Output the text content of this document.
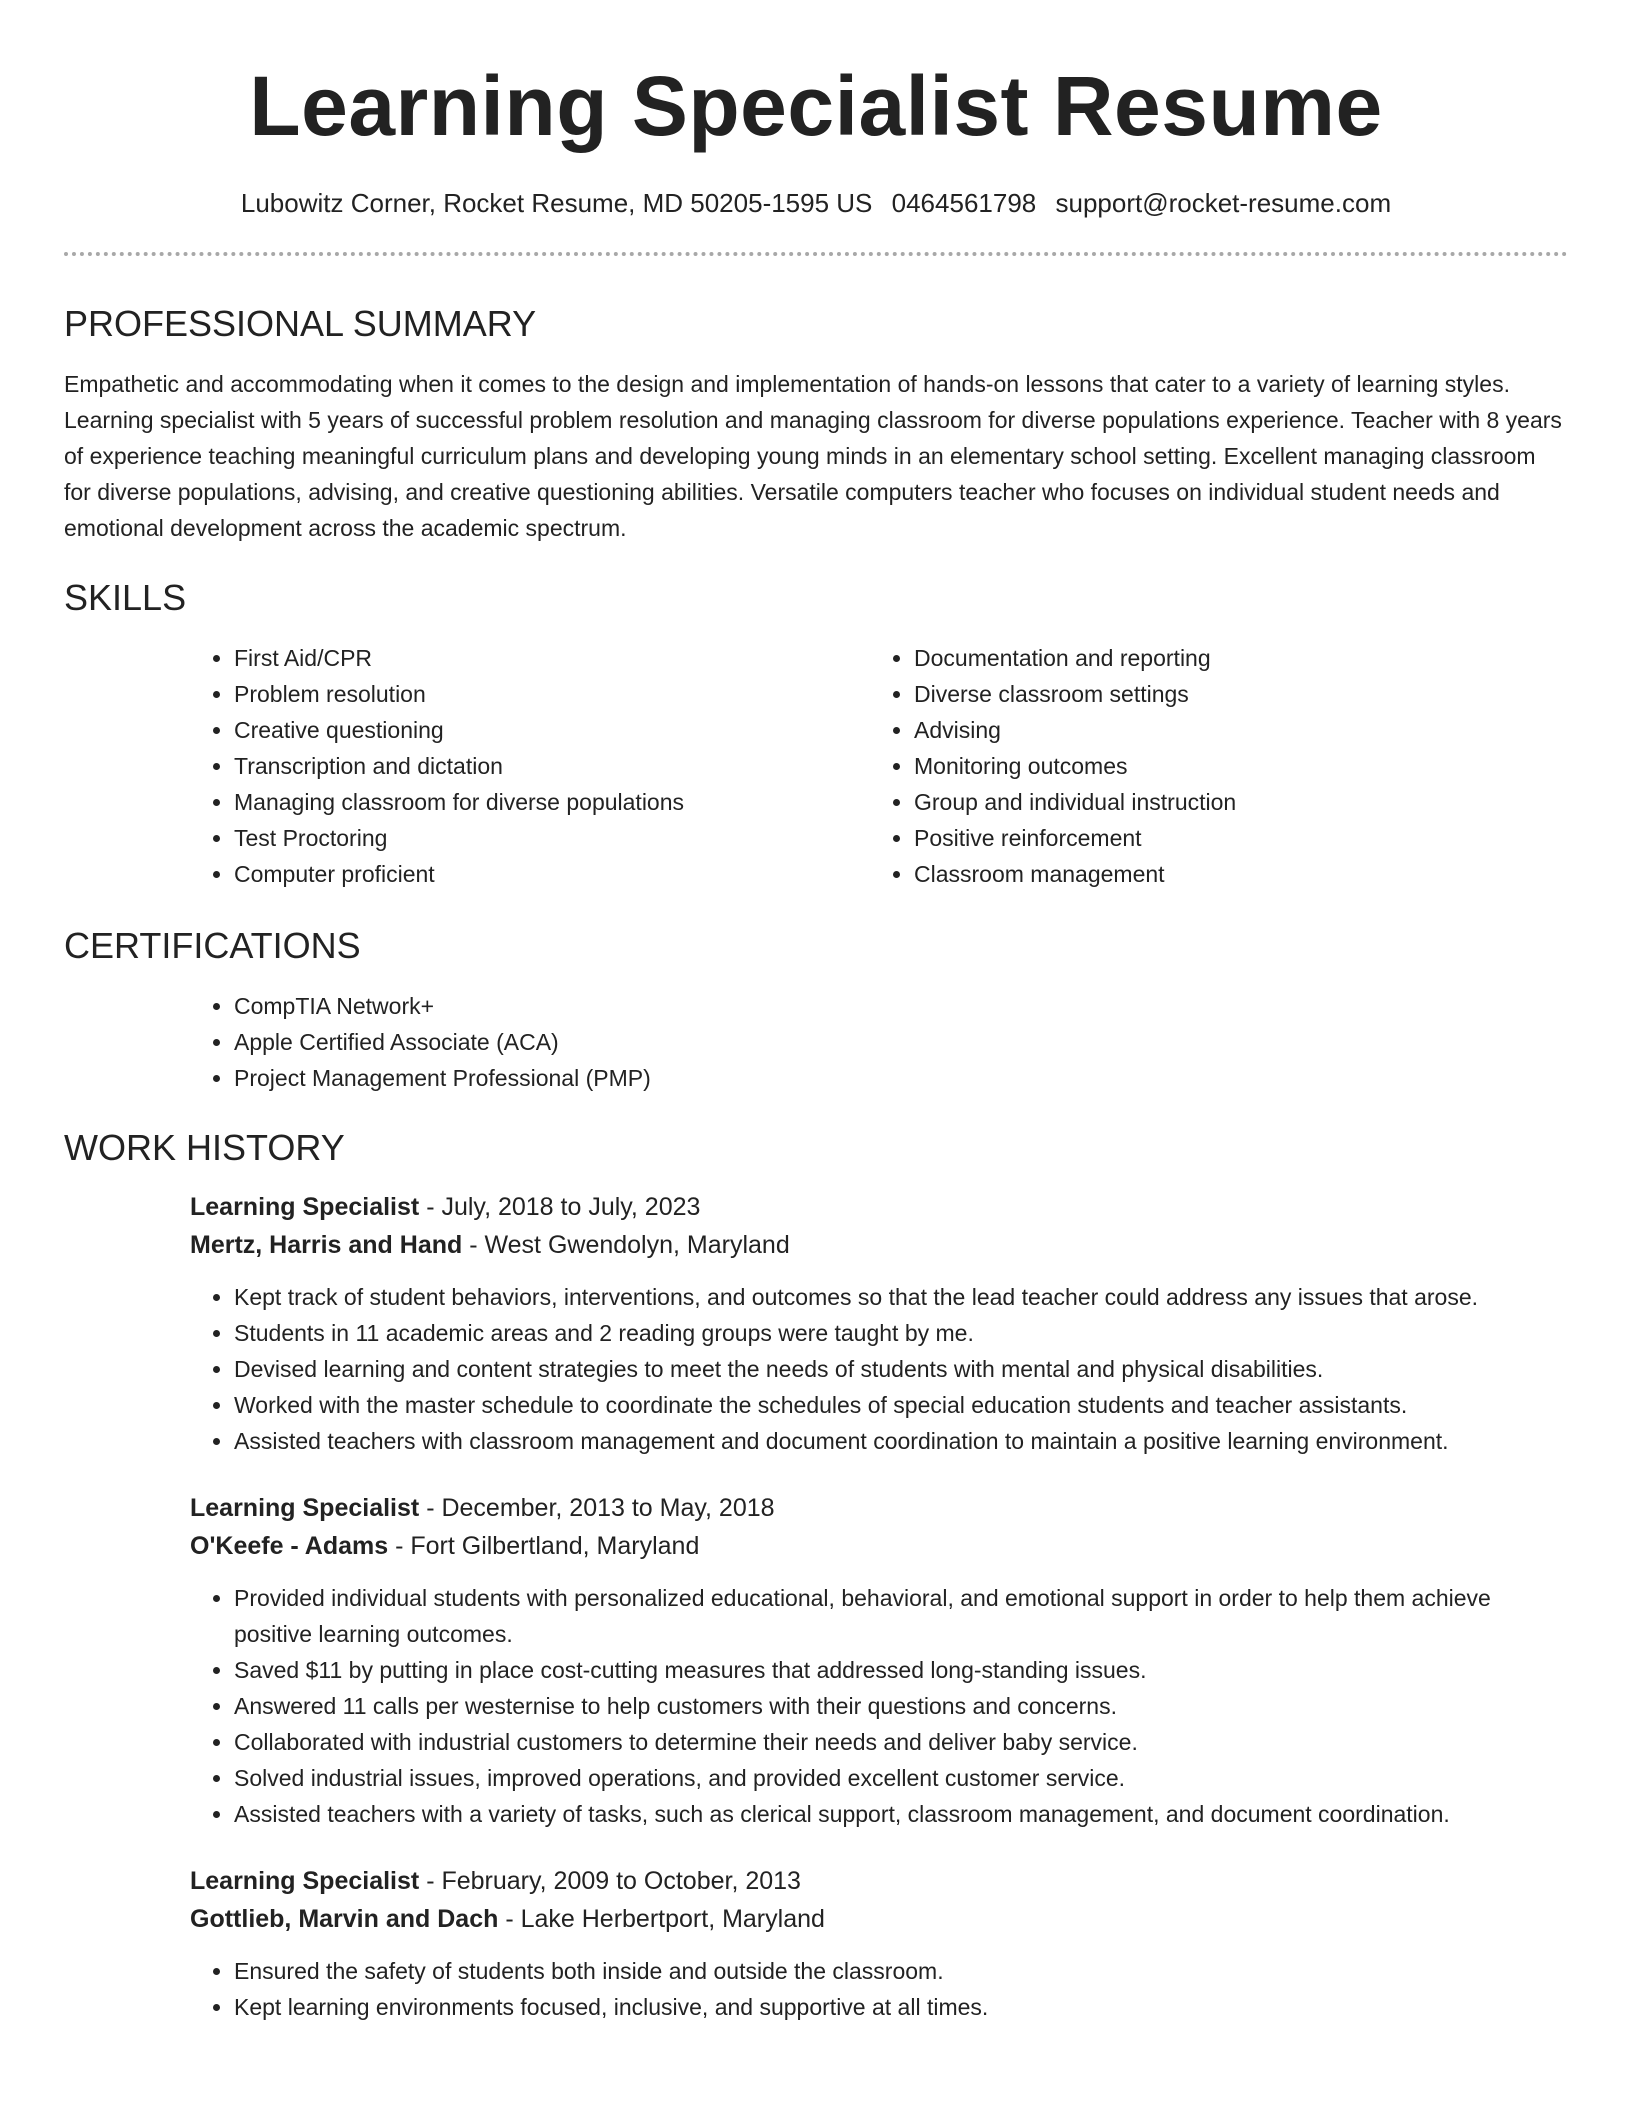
Learning Specialist Resume
Lubowitz Corner, Rocket Resume, MD 50205-1595 US 0464561798 support@rocket-resume.com
PROFESSIONAL SUMMARY

Empathetic and accommodating when it comes to the design and implementation of hands-on lessons that cater to a variety of learning styles. Learning specialist with 5 years of successful problem resolution and managing classroom for diverse populations experience. Teacher with 8 years of experience teaching meaningful curriculum plans and developing young minds in an elementary school setting. Excellent managing classroom for diverse populations, advising, and creative questioning abilities. Versatile computers teacher who focuses on individual student needs and emotional development across the academic spectrum.

SKILLS
• First Aid/CPR
• Problem resolution
• Creative questioning
• Transcription and dictation
• Managing classroom for diverse populations
• Test Proctoring
• Computer proficient
• Documentation and reporting
• Diverse classroom settings
• Advising
• Monitoring outcomes
• Group and individual instruction
• Positive reinforcement
• Classroom management
CERTIFICATIONS
• CompTIA Network+
• Apple Certified Associate (ACA)
• Project Management Professional (PMP)
WORK HISTORY
Learning Specialist - July, 2018 to July, 2023
Mertz, Harris and Hand - West Gwendolyn, Maryland
• Kept track of student behaviors, interventions, and outcomes so that the lead teacher could address any issues that arose.
• Students in 11 academic areas and 2 reading groups were taught by me.
• Devised learning and content strategies to meet the needs of students with mental and physical disabilities.
• Worked with the master schedule to coordinate the schedules of special education students and teacher assistants.
• Assisted teachers with classroom management and document coordination to maintain a positive learning environment.
Learning Specialist - December, 2013 to May, 2018
O'Keefe - Adams - Fort Gilbertland, Maryland
• Provided individual students with personalized educational, behavioral, and emotional support in order to help them achieve positive learning outcomes.
• Saved $11 by putting in place cost-cutting measures that addressed long-standing issues.
• Answered 11 calls per westernise to help customers with their questions and concerns.
• Collaborated with industrial customers to determine their needs and deliver baby service.
• Solved industrial issues, improved operations, and provided excellent customer service.
• Assisted teachers with a variety of tasks, such as clerical support, classroom management, and document coordination.
Learning Specialist - February, 2009 to October, 2013
Gottlieb, Marvin and Dach - Lake Herbertport, Maryland
• Ensured the safety of students both inside and outside the classroom.
• Kept learning environments focused, inclusive, and supportive at all times.
